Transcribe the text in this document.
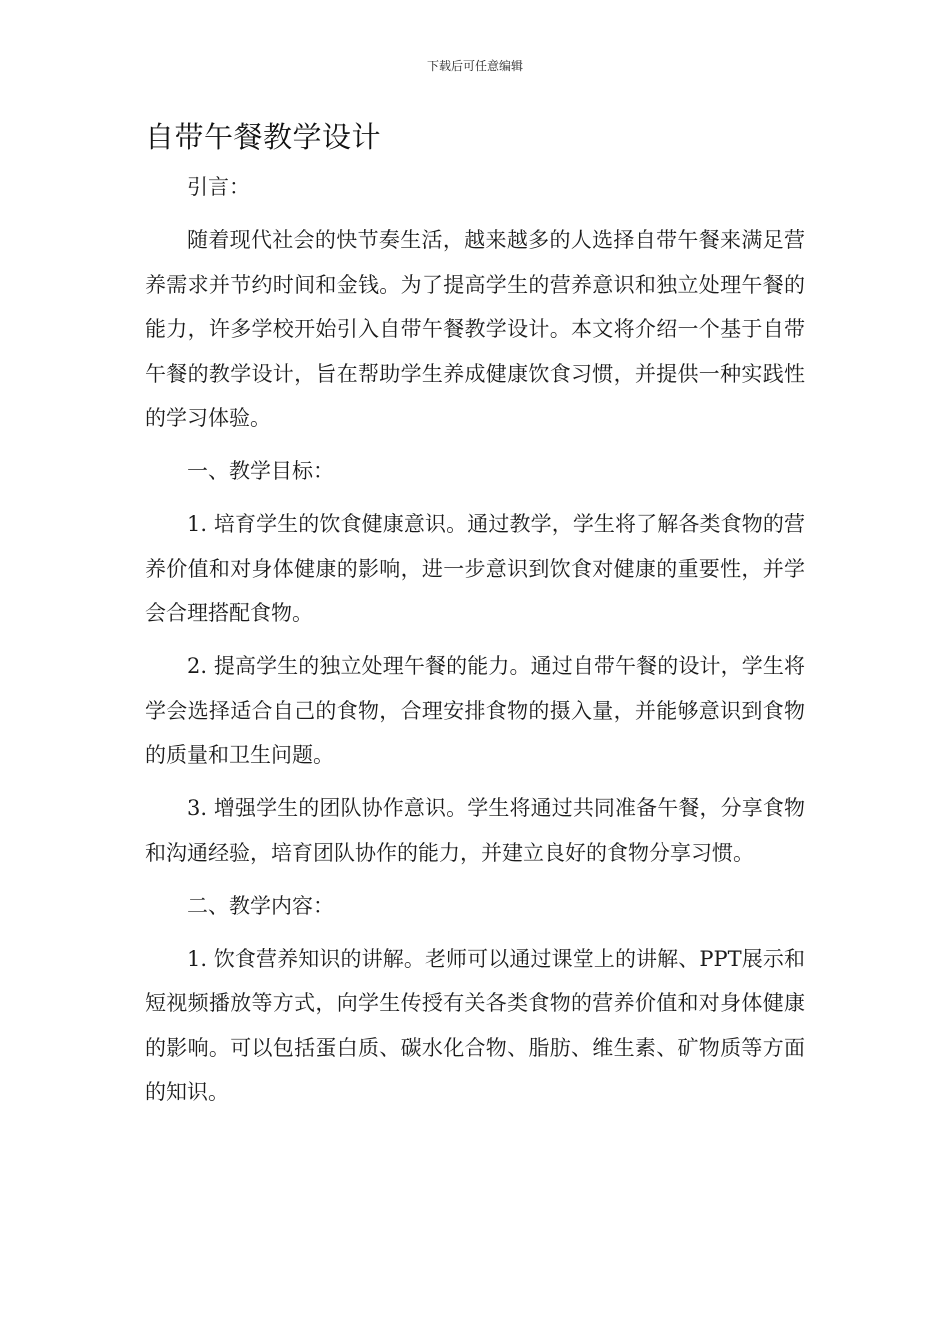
下载后可任意编辑
自带午餐教学设计

引言：

随着现代社会的快节奏生活，越来越多的人选择自带午餐来满足营养需求并节约时间和金钱。为了提高学生的营养意识和独立处理午餐的能力，许多学校开始引入自带午餐教学设计。本文将介绍一个基于自带午餐的教学设计，旨在帮助学生养成健康饮食习惯，并提供一种实践性的学习体验。

一、教学目标：

1. 培育学生的饮食健康意识。通过教学，学生将了解各类食物的营养价值和对身体健康的影响，进一步意识到饮食对健康的重要性，并学会合理搭配食物。

2. 提高学生的独立处理午餐的能力。通过自带午餐的设计，学生将学会选择适合自己的食物，合理安排食物的摄入量，并能够意识到食物的质量和卫生问题。

3. 增强学生的团队协作意识。学生将通过共同准备午餐，分享食物和沟通经验，培育团队协作的能力，并建立良好的食物分享习惯。

二、教学内容：

1. 饮食营养知识的讲解。老师可以通过课堂上的讲解、PPT展示和短视频播放等方式，向学生传授有关各类食物的营养价值和对身体健康的影响。可以包括蛋白质、碳水化合物、脂肪、维生素、矿物质等方面的知识。
